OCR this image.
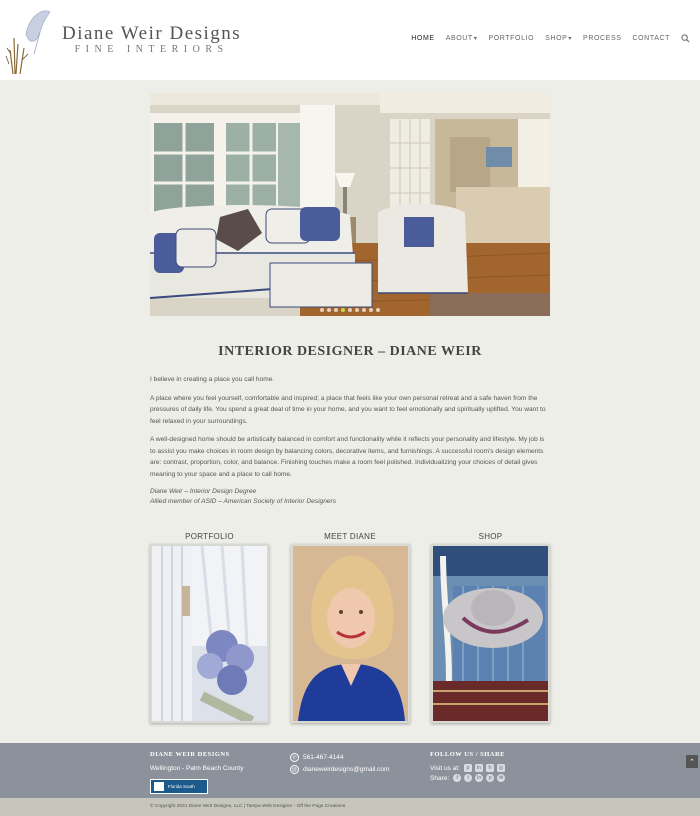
Diane Weir Designs
FINE INTERIORS
HOME ABOUT▾ PORTFOLIO SHOP▾ PROCESS CONTACT
INTERIOR DESIGNER – DIANE WEIR

I believe in creating a place you call home.

A place where you feel yourself, comfortable and inspired; a place that feels like your own personal retreat and a safe haven from the pressures of daily life. You spend a great deal of time in your home, and you want to feel emotionally and spiritually uplifted. You want to feel relaxed in your surroundings.

A well-designed home should be artistically balanced in comfort and functionality while it reflects your personality and lifestyle. My job is to assist you make choices in room design by balancing colors, decorative items, and furnishings. A successful room's design elements are: contrast, proportion, color, and balance. Finishing touches make a room feel polished. Individualizing your choices of detail gives meaning to your space and a place to call home.

Diane Weir – Interior Design Degree
Allied member of ASID – American Society of Interior Designers
PORTFOLIO	MEET DIANE	SHOP
DIANE WEIR DESIGNS
Wellington - Palm Beach County
Florida South
✆ 561-467-4144
@ dianeweirdesigns@gmail.com
FOLLOW US / SHARE
Visit us at:	p	in	h	◎
Share:	f	t	in	p	✉
⌃
© Copyright 2021 Diane Weir Designs, LLC | Tampa Web Designer - Off the Page Creations
